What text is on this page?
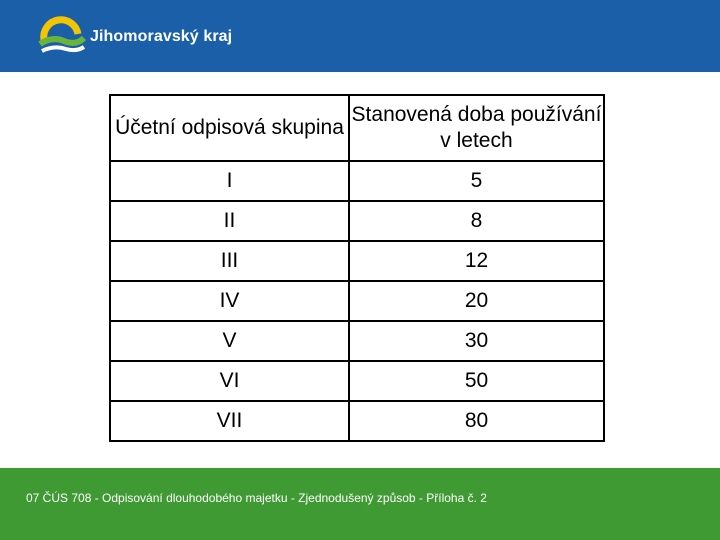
Jihomoravský kraj
Účetní odpisová skupina	Stanovená doba používání v letech
I	5
II	8
III	12
IV	20
V	30
VI	50
VII	80
07 ČÚS 708 - Odpisování dlouhodobého majetku - Zjednodušený způsob - Příloha č. 2
